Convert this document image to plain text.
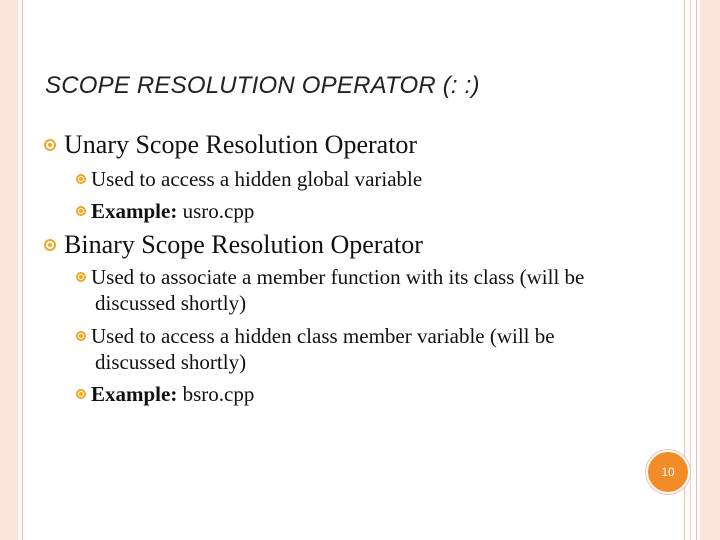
SCOPE RESOLUTION OPERATOR (: :)
Unary Scope Resolution Operator
Used to access a hidden global variable
Example: usro.cpp
Binary Scope Resolution Operator
Used to associate a member function with its class (will be discussed shortly)
Used to access a hidden class member variable (will be discussed shortly)
Example: bsro.cpp
10
